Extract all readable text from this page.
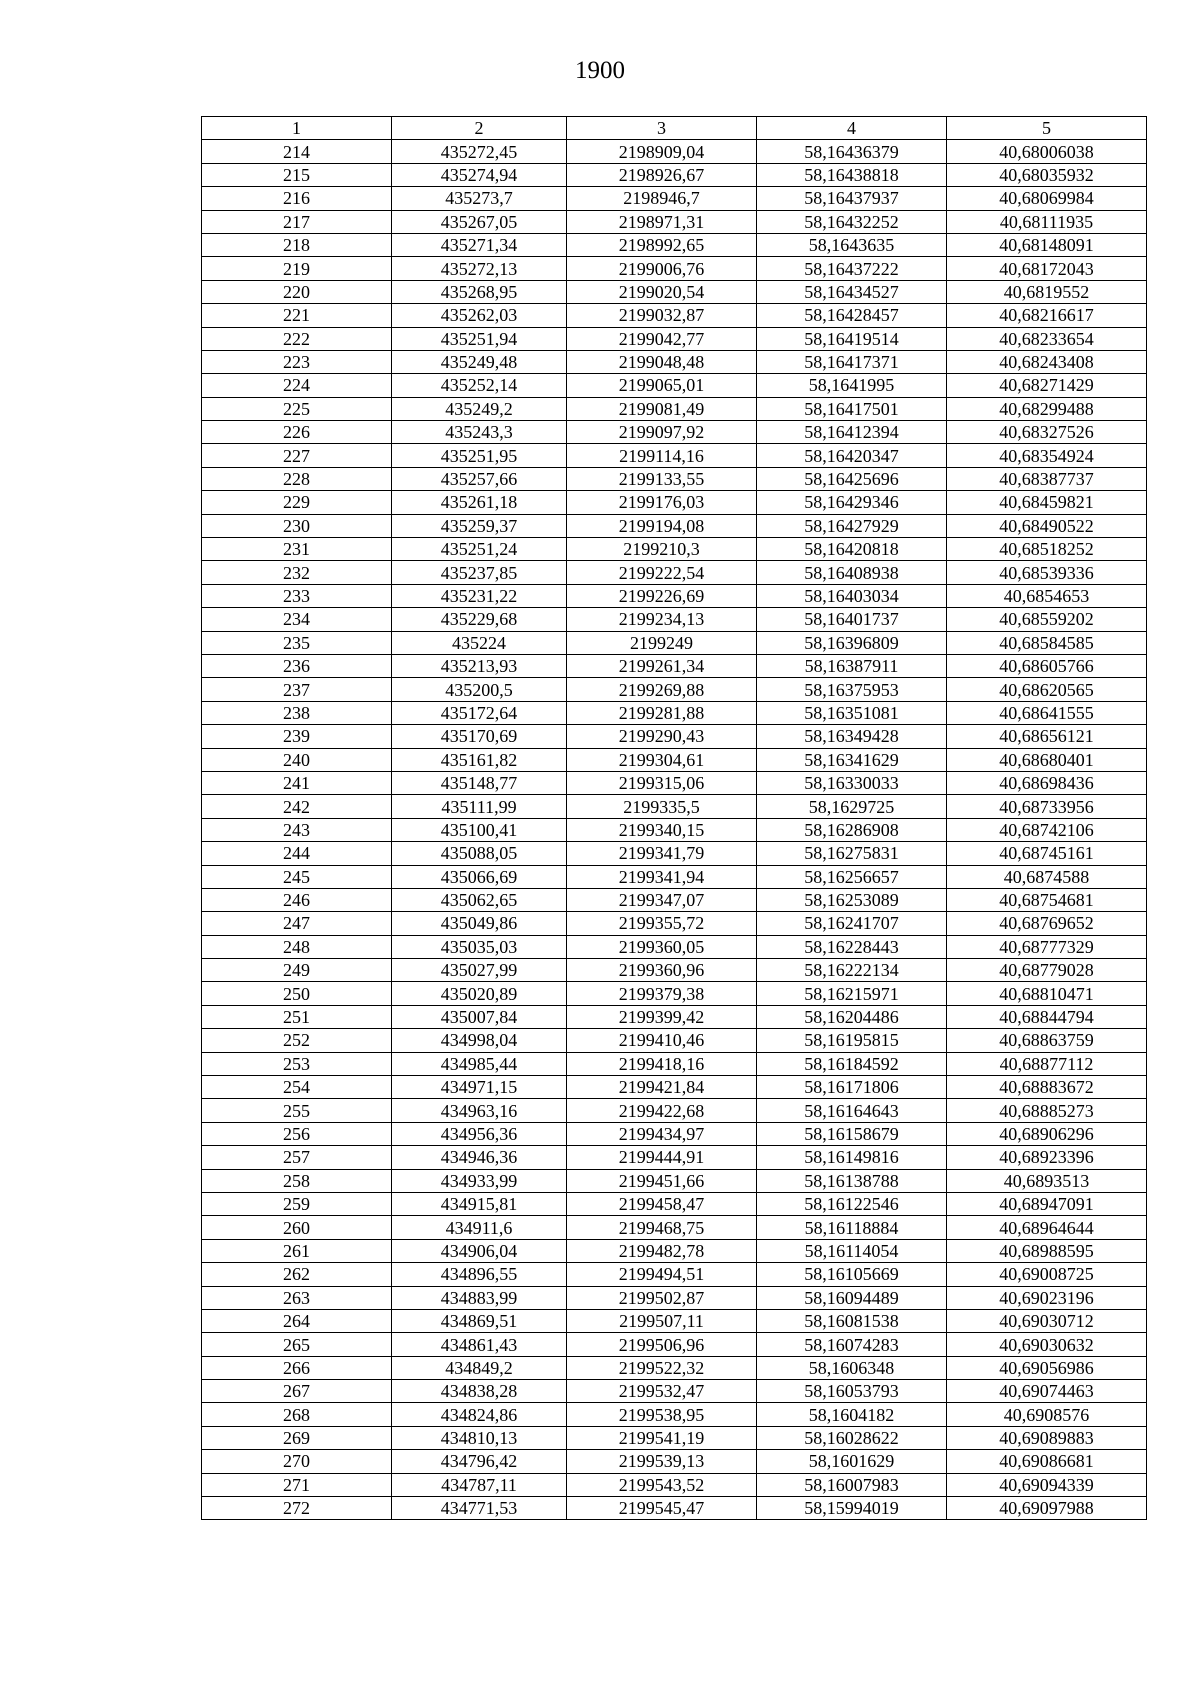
1900
1	2	3	4	5
214	435272,45	2198909,04	58,16436379	40,68006038
215	435274,94	2198926,67	58,16438818	40,68035932
216	435273,7	2198946,7	58,16437937	40,68069984
217	435267,05	2198971,31	58,16432252	40,68111935
218	435271,34	2198992,65	58,1643635	40,68148091
219	435272,13	2199006,76	58,16437222	40,68172043
220	435268,95	2199020,54	58,16434527	40,6819552
221	435262,03	2199032,87	58,16428457	40,68216617
222	435251,94	2199042,77	58,16419514	40,68233654
223	435249,48	2199048,48	58,16417371	40,68243408
224	435252,14	2199065,01	58,1641995	40,68271429
225	435249,2	2199081,49	58,16417501	40,68299488
226	435243,3	2199097,92	58,16412394	40,68327526
227	435251,95	2199114,16	58,16420347	40,68354924
228	435257,66	2199133,55	58,16425696	40,68387737
229	435261,18	2199176,03	58,16429346	40,68459821
230	435259,37	2199194,08	58,16427929	40,68490522
231	435251,24	2199210,3	58,16420818	40,68518252
232	435237,85	2199222,54	58,16408938	40,68539336
233	435231,22	2199226,69	58,16403034	40,6854653
234	435229,68	2199234,13	58,16401737	40,68559202
235	435224	2199249	58,16396809	40,68584585
236	435213,93	2199261,34	58,16387911	40,68605766
237	435200,5	2199269,88	58,16375953	40,68620565
238	435172,64	2199281,88	58,16351081	40,68641555
239	435170,69	2199290,43	58,16349428	40,68656121
240	435161,82	2199304,61	58,16341629	40,68680401
241	435148,77	2199315,06	58,16330033	40,68698436
242	435111,99	2199335,5	58,1629725	40,68733956
243	435100,41	2199340,15	58,16286908	40,68742106
244	435088,05	2199341,79	58,16275831	40,68745161
245	435066,69	2199341,94	58,16256657	40,6874588
246	435062,65	2199347,07	58,16253089	40,68754681
247	435049,86	2199355,72	58,16241707	40,68769652
248	435035,03	2199360,05	58,16228443	40,68777329
249	435027,99	2199360,96	58,16222134	40,68779028
250	435020,89	2199379,38	58,16215971	40,68810471
251	435007,84	2199399,42	58,16204486	40,68844794
252	434998,04	2199410,46	58,16195815	40,68863759
253	434985,44	2199418,16	58,16184592	40,68877112
254	434971,15	2199421,84	58,16171806	40,68883672
255	434963,16	2199422,68	58,16164643	40,68885273
256	434956,36	2199434,97	58,16158679	40,68906296
257	434946,36	2199444,91	58,16149816	40,68923396
258	434933,99	2199451,66	58,16138788	40,6893513
259	434915,81	2199458,47	58,16122546	40,68947091
260	434911,6	2199468,75	58,16118884	40,68964644
261	434906,04	2199482,78	58,16114054	40,68988595
262	434896,55	2199494,51	58,16105669	40,69008725
263	434883,99	2199502,87	58,16094489	40,69023196
264	434869,51	2199507,11	58,16081538	40,69030712
265	434861,43	2199506,96	58,16074283	40,69030632
266	434849,2	2199522,32	58,1606348	40,69056986
267	434838,28	2199532,47	58,16053793	40,69074463
268	434824,86	2199538,95	58,1604182	40,6908576
269	434810,13	2199541,19	58,16028622	40,69089883
270	434796,42	2199539,13	58,1601629	40,69086681
271	434787,11	2199543,52	58,16007983	40,69094339
272	434771,53	2199545,47	58,15994019	40,69097988
